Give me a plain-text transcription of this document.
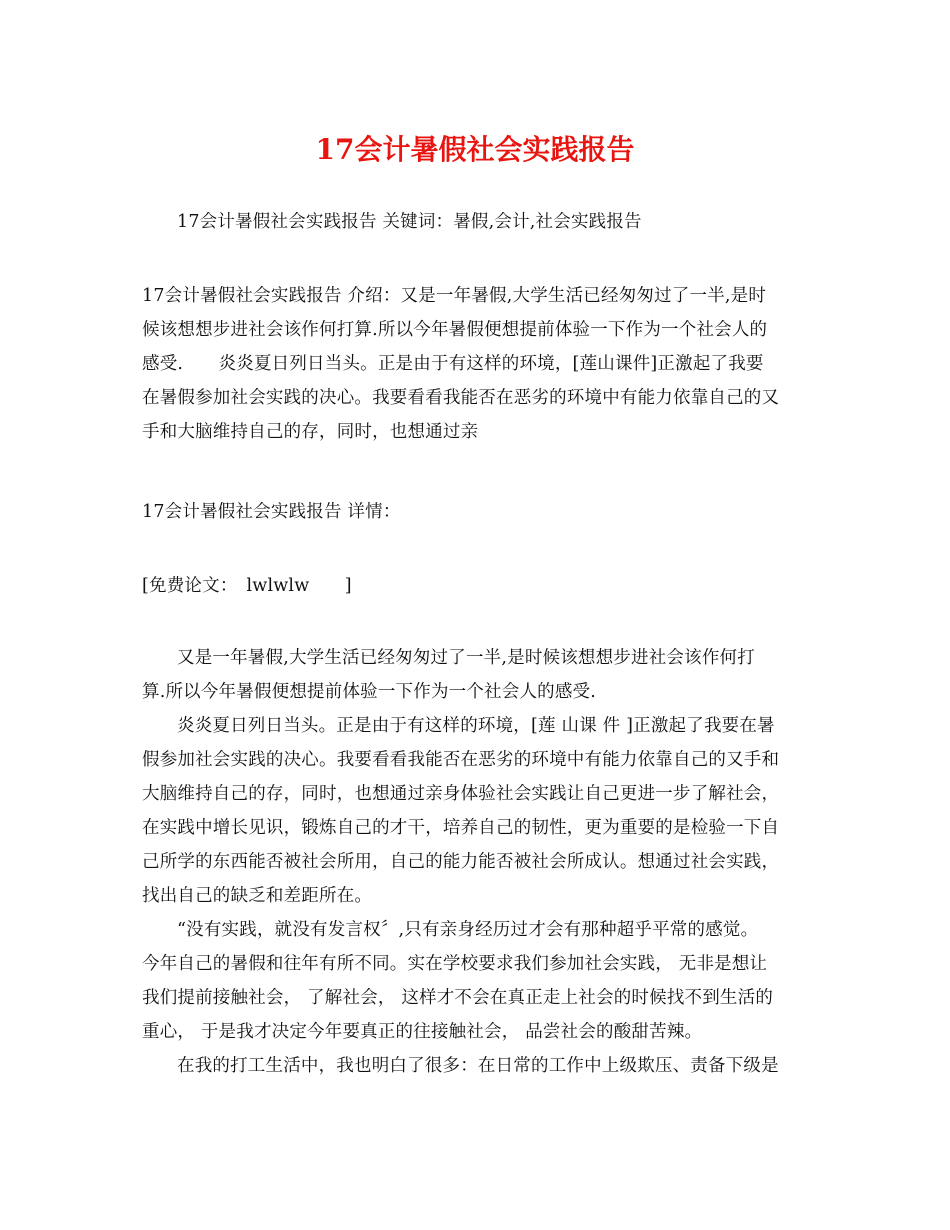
17会计暑假社会实践报告
17会计暑假社会实践报告 关键词：暑假,会计,社会实践报告
17会计暑假社会实践报告 介绍：又是一年暑假,大学生活已经匆匆过了一半,是时
候该想想步进社会该作何打算.所以今年暑假便想提前体验一下作为一个社会人的
感受.　　炎炎夏日列日当头。正是由于有这样的环境，[莲山课件]正激起了我要
在暑假参加社会实践的决心。我要看看我能否在恶劣的环境中有能力依靠自己的又
手和大脑维持自己的存，同时，也想通过亲
17会计暑假社会实践报告 详情：
[免费论文：　lwlwlw　　]
又是一年暑假,大学生活已经匆匆过了一半,是时候该想想步进社会该作何打
算.所以今年暑假便想提前体验一下作为一个社会人的感受.
炎炎夏日列日当头。正是由于有这样的环境，[莲 山课 件 ]正激起了我要在暑
假参加社会实践的决心。我要看看我能否在恶劣的环境中有能力依靠自己的又手和
大脑维持自己的存，同时，也想通过亲身体验社会实践让自己更进一步了解社会，
在实践中增长见识，锻炼自己的才干，培养自己的韧性，更为重要的是检验一下自
己所学的东西能否被社会所用，自己的能力能否被社会所成认。想通过社会实践，
找出自己的缺乏和差距所在。
“没有实践，就没有发言权〞,只有亲身经历过才会有那种超乎平常的感觉。
今年自己的暑假和往年有所不同。实在学校要求我们参加社会实践， 无非是想让
我们提前接触社会， 了解社会， 这样才不会在真正走上社会的时候找不到生活的
重心， 于是我才决定今年要真正的往接触社会， 品尝社会的酸甜苦辣。
在我的打工生活中，我也明白了很多：在日常的工作中上级欺压、责备下级是
